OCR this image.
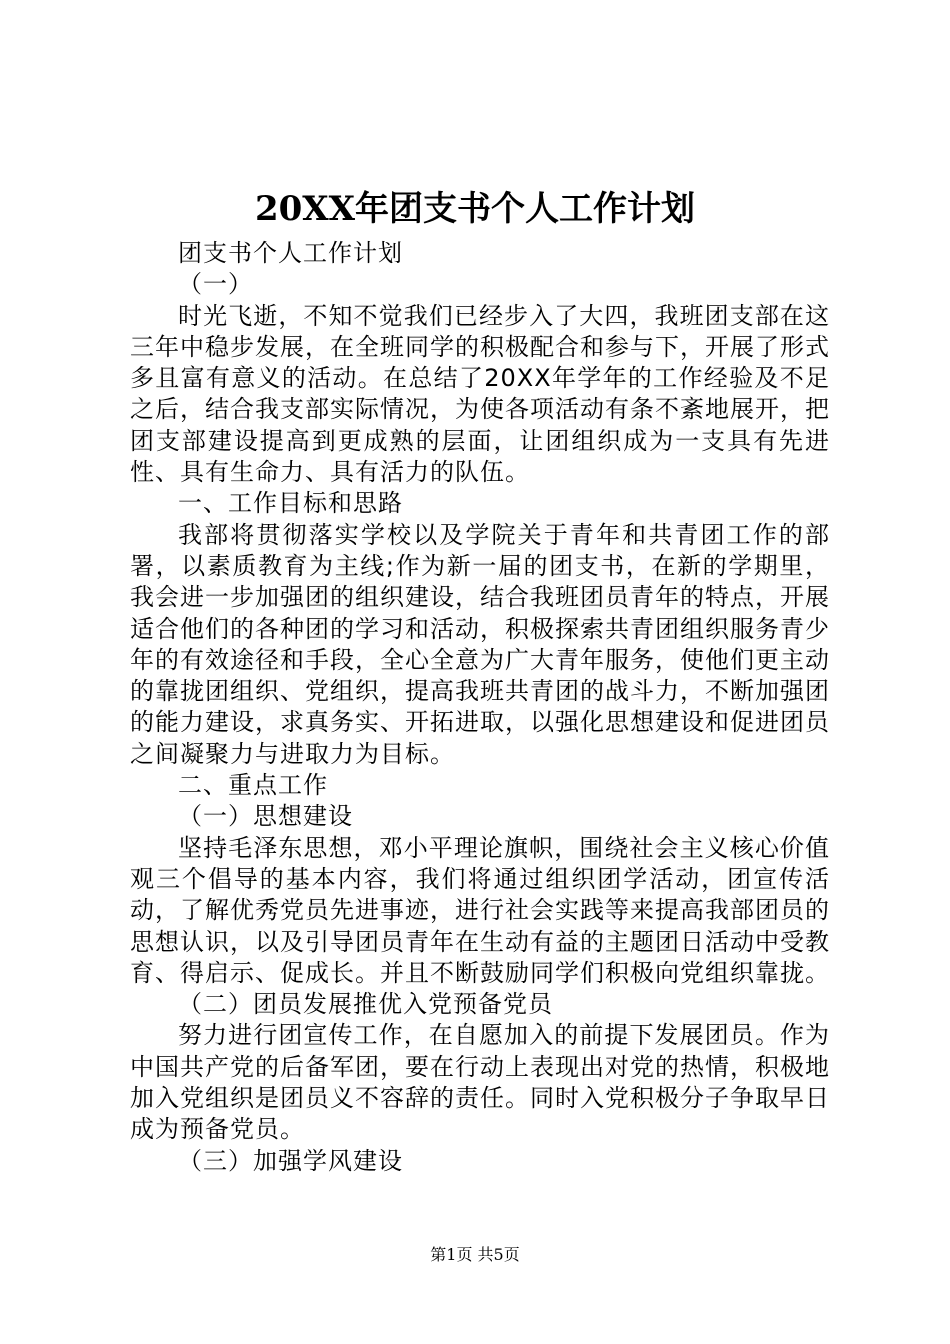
20XX年团支书个人工作计划

团支书个人工作计划

（一）

时光飞逝，不知不觉我们已经步入了大四，我班团支部在这三年中稳步发展，在全班同学的积极配合和参与下，开展了形式多且富有意义的活动。在总结了20XX年学年的工作经验及不足之后，结合我支部实际情况，为使各项活动有条不紊地展开，把团支部建设提高到更成熟的层面，让团组织成为一支具有先进性、具有生命力、具有活力的队伍。

一、工作目标和思路

我部将贯彻落实学校以及学院关于青年和共青团工作的部署，以素质教育为主线;作为新一届的团支书，在新的学期里，我会进一步加强团的组织建设，结合我班团员青年的特点，开展适合他们的各种团的学习和活动，积极探索共青团组织服务青少年的有效途径和手段，全心全意为广大青年服务，使他们更主动的靠拢团组织、党组织，提高我班共青团的战斗力，不断加强团的能力建设，求真务实、开拓进取，以强化思想建设和促进团员之间凝聚力与进取力为目标。

二、重点工作

（一）思想建设

坚持毛泽东思想，邓小平理论旗帜，围绕社会主义核心价值观三个倡导的基本内容，我们将通过组织团学活动，团宣传活动，了解优秀党员先进事迹，进行社会实践等来提高我部团员的思想认识，以及引导团员青年在生动有益的主题团日活动中受教育、得启示、促成长。并且不断鼓励同学们积极向党组织靠拢。

（二）团员发展推优入党预备党员

努力进行团宣传工作，在自愿加入的前提下发展团员。作为中国共产党的后备军团，要在行动上表现出对党的热情，积极地加入党组织是团员义不容辞的责任。同时入党积极分子争取早日成为预备党员。

（三）加强学风建设

第1页 共5页
